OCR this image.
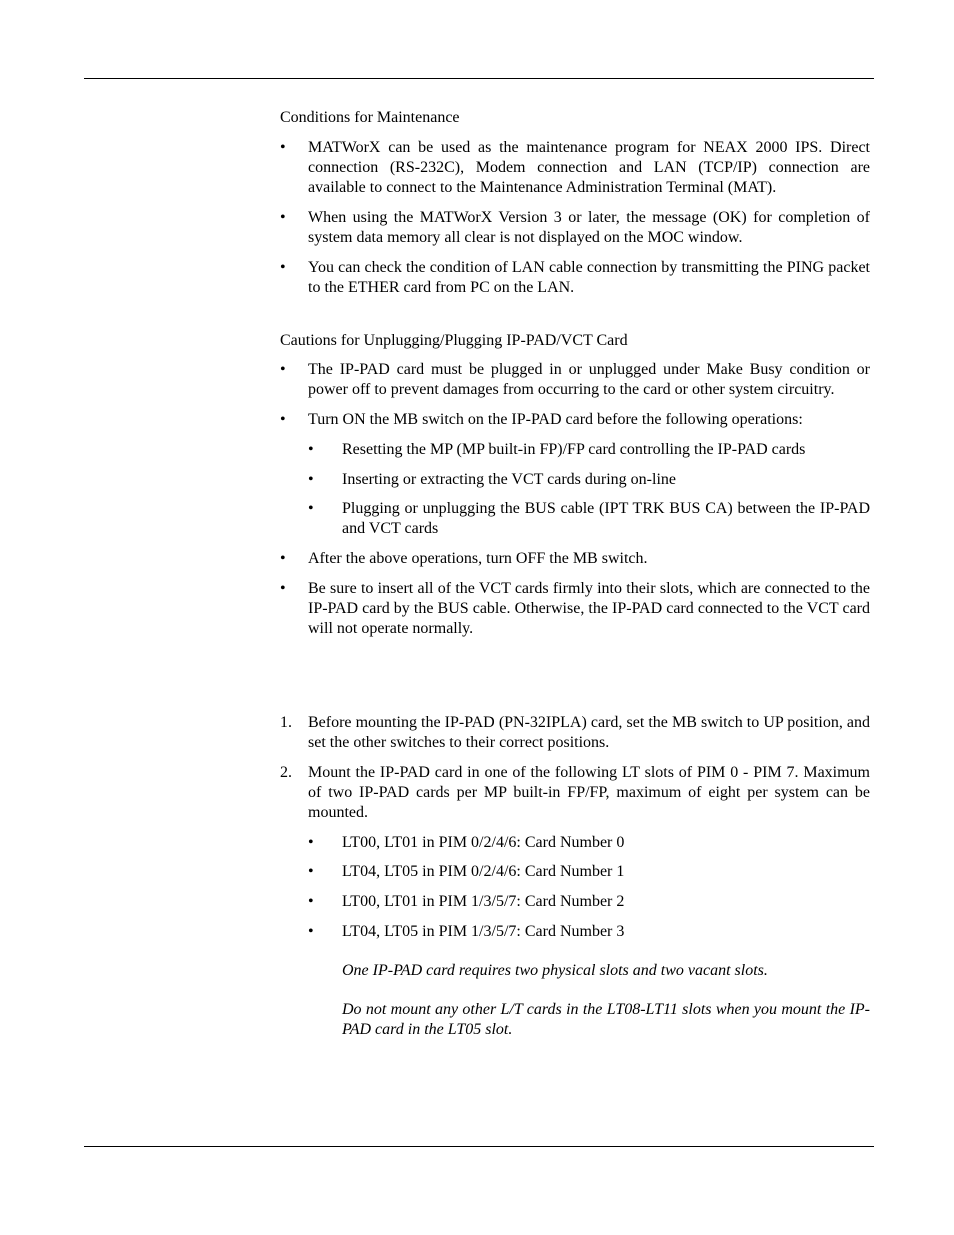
Conditions for Maintenance
• MATWorX can be used as the maintenance program for NEAX 2000 IPS. Direct connection (RS-232C), Modem connection and LAN (TCP/IP) connection are available to connect to the Maintenance Administration Terminal (MAT).
• When using the MATWorX Version 3 or later, the message (OK) for completion of system data memory all clear is not displayed on the MOC window.
• You can check the condition of LAN cable connection by transmitting the PING packet to the ETHER card from PC on the LAN.
Cautions for Unplugging/Plugging IP-PAD/VCT Card
• The IP-PAD card must be plugged in or unplugged under Make Busy condition or power off to prevent damages from occurring to the card or other system circuitry.
• Turn ON the MB switch on the IP-PAD card before the following operations:
• Resetting the MP (MP built-in FP)/FP card controlling the IP-PAD cards
• Inserting or extracting the VCT cards during on-line
• Plugging or unplugging the BUS cable (IPT TRK BUS CA) between the IP-PAD and VCT cards
• After the above operations, turn OFF the MB switch.
• Be sure to insert all of the VCT cards firmly into their slots, which are connected to the IP-PAD card by the BUS cable. Otherwise, the IP-PAD card connected to the VCT card will not operate normally.
1. Before mounting the IP-PAD (PN-32IPLA) card, set the MB switch to UP position, and set the other switches to their correct positions.
2. Mount the IP-PAD card in one of the following LT slots of PIM 0 - PIM 7. Maximum of two IP-PAD cards per MP built-in FP/FP, maximum of eight per system can be mounted.
• LT00, LT01 in PIM 0/2/4/6: Card Number 0
• LT04, LT05 in PIM 0/2/4/6: Card Number 1
• LT00, LT01 in PIM 1/3/5/7: Card Number 2
• LT04, LT05 in PIM 1/3/5/7: Card Number 3
One IP-PAD card requires two physical slots and two vacant slots.
Do not mount any other L/T cards in the LT08-LT11 slots when you mount the IP-PAD card in the LT05 slot.
